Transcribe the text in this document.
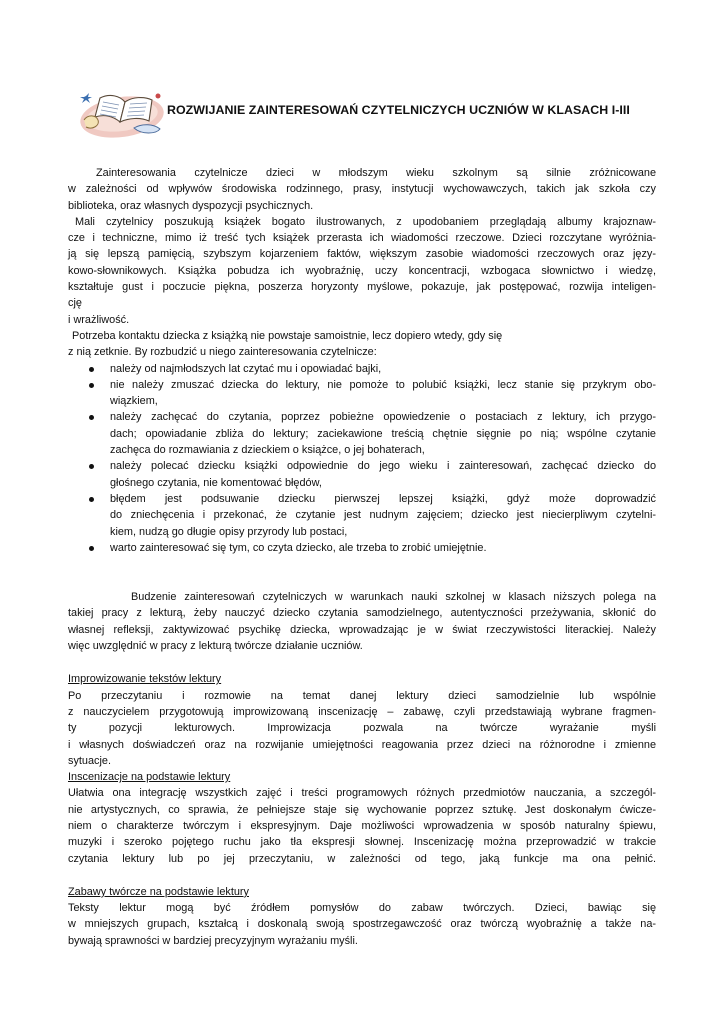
ROZWIJANIE ZAINTERESOWAŃ CZYTELNICZYCH UCZNIÓW W KLASACH I-III

Zainteresowania czytelnicze dzieci w młodszym wieku szkolnym są silnie zróżnicowane

w zależności od wpływów środowiska rodzinnego, prasy, instytucji wychowawczych, takich jak szkoła czy

biblioteka, oraz własnych dyspozycji psychicznych.

Mali czytelnicy poszukują książek bogato ilustrowanych, z upodobaniem przeglądają albumy krajoznaw-

cze i techniczne, mimo iż treść tych książek przerasta ich wiadomości rzeczowe. Dzieci rozczytane wyróżnia-

ją się lepszą pamięcią, szybszym kojarzeniem faktów, większym zasobie wiadomości rzeczowych oraz języ-

kowo-słownikowych. Książka pobudza ich wyobraźnię, uczy koncentracji, wzbogaca słownictwo i wiedzę,

kształtuje gust i poczucie piękna, poszerza horyzonty myślowe, pokazuje, jak postępować, rozwija inteligen-

cję

i wrażliwość.

Potrzeba kontaktu dziecka z książką nie powstaje samoistnie, lecz dopiero wtedy, gdy się

z nią zetknie. By rozbudzić u niego zainteresowania czytelnicze:

należy od najmłodszych lat czytać mu i opowiadać bajki,
nie należy zmuszać dziecka do lektury, nie pomoże to polubić książki, lecz stanie się przykrym obo-
wiązkiem,
należy zachęcać do czytania, poprzez pobieżne opowiedzenie o postaciach z lektury, ich przygo-
dach; opowiadanie zbliża do lektury; zaciekawione treścią chętnie sięgnie po nią; wspólne czytanie
zachęca do rozmawiania z dzieckiem o książce, o jej bohaterach,
należy polecać dziecku książki odpowiednie do jego wieku i zainteresowań, zachęcać dziecko do
głośnego czytania, nie komentować błędów,
błędem jest podsuwanie dziecku pierwszej lepszej książki, gdyż może doprowadzić
do zniechęcenia i przekonać, że czytanie jest nudnym zajęciem; dziecko jest niecierpliwym czytelni-
kiem, nudzą go długie opisy przyrody lub postaci,
warto zainteresować się tym, co czyta dziecko, ale trzeba to zrobić umiejętnie.

Budzenie zainteresowań czytelniczych w warunkach nauki szkolnej w klasach niższych polega na

takiej pracy z lekturą, żeby nauczyć dziecko czytania samodzielnego, autentyczności przeżywania, skłonić do

własnej refleksji, zaktywizować psychikę dziecka, wprowadzając je w świat rzeczywistości literackiej. Należy

więc uwzględnić w pracy z lekturą twórcze działanie uczniów.

Improwizowanie tekstów lektury

Po przeczytaniu i rozmowie na temat danej lektury dzieci samodzielnie lub wspólnie

z nauczycielem przygotowują improwizowaną inscenizację – zabawę, czyli przedstawiają wybrane fragmen-

ty pozycji lekturowych. Improwizacja pozwala na twórcze wyrażanie myśli

i własnych doświadczeń oraz na rozwijanie umiejętności reagowania przez dzieci na różnorodne i zmienne

sytuacje.

Inscenizacje na podstawie lektury

Ułatwia ona integrację wszystkich zajęć i treści programowych różnych przedmiotów nauczania, a szczegól-

nie artystycznych, co sprawia, że pełniejsze staje się wychowanie poprzez sztukę. Jest doskonałym ćwicze-

niem o charakterze twórczym i ekspresyjnym. Daje możliwości wprowadzenia w sposób naturalny śpiewu,

muzyki i szeroko pojętego ruchu jako tła ekspresji słownej. Inscenizację można przeprowadzić w trakcie

czytania lektury lub po jej przeczytaniu, w zależności od tego, jaką funkcje ma ona pełnić.

Zabawy twórcze na podstawie lektury

Teksty lektur mogą być źródłem pomysłów do zabaw twórczych. Dzieci, bawiąc się

w mniejszych grupach, kształcą i doskonalą swoją spostrzegawczość oraz twórczą wyobraźnię a także na-

bywają sprawności w bardziej precyzyjnym wyrażaniu myśli.
